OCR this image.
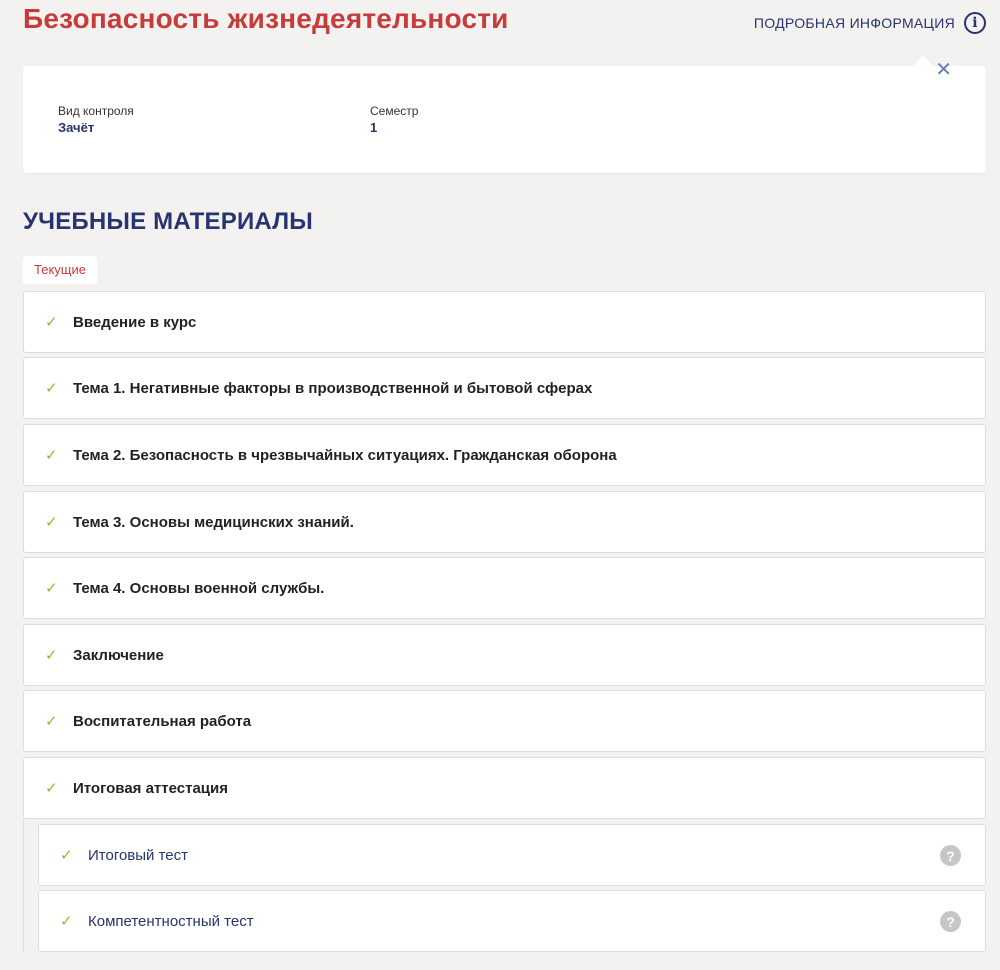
Безопасность жизнедеятельности	ПОДРОБНАЯ ИНФОРМАЦИЯ	i
✕
Вид контроля
Зачёт
Семестр
1
УЧЕБНЫЕ МАТЕРИАЛЫ
Текущие
✓ Введение в курс
✓ Тема 1. Негативные факторы в производственной и бытовой сферах
✓ Тема 2. Безопасность в чрезвычайных ситуациях. Гражданская оборона
✓ Тема 3. Основы медицинских знаний.
✓ Тема 4. Основы военной службы.
✓ Заключение
✓ Воспитательная работа
✓ Итоговая аттестация
✓ Итоговый тест	?
✓ Компетентностный тест	?
